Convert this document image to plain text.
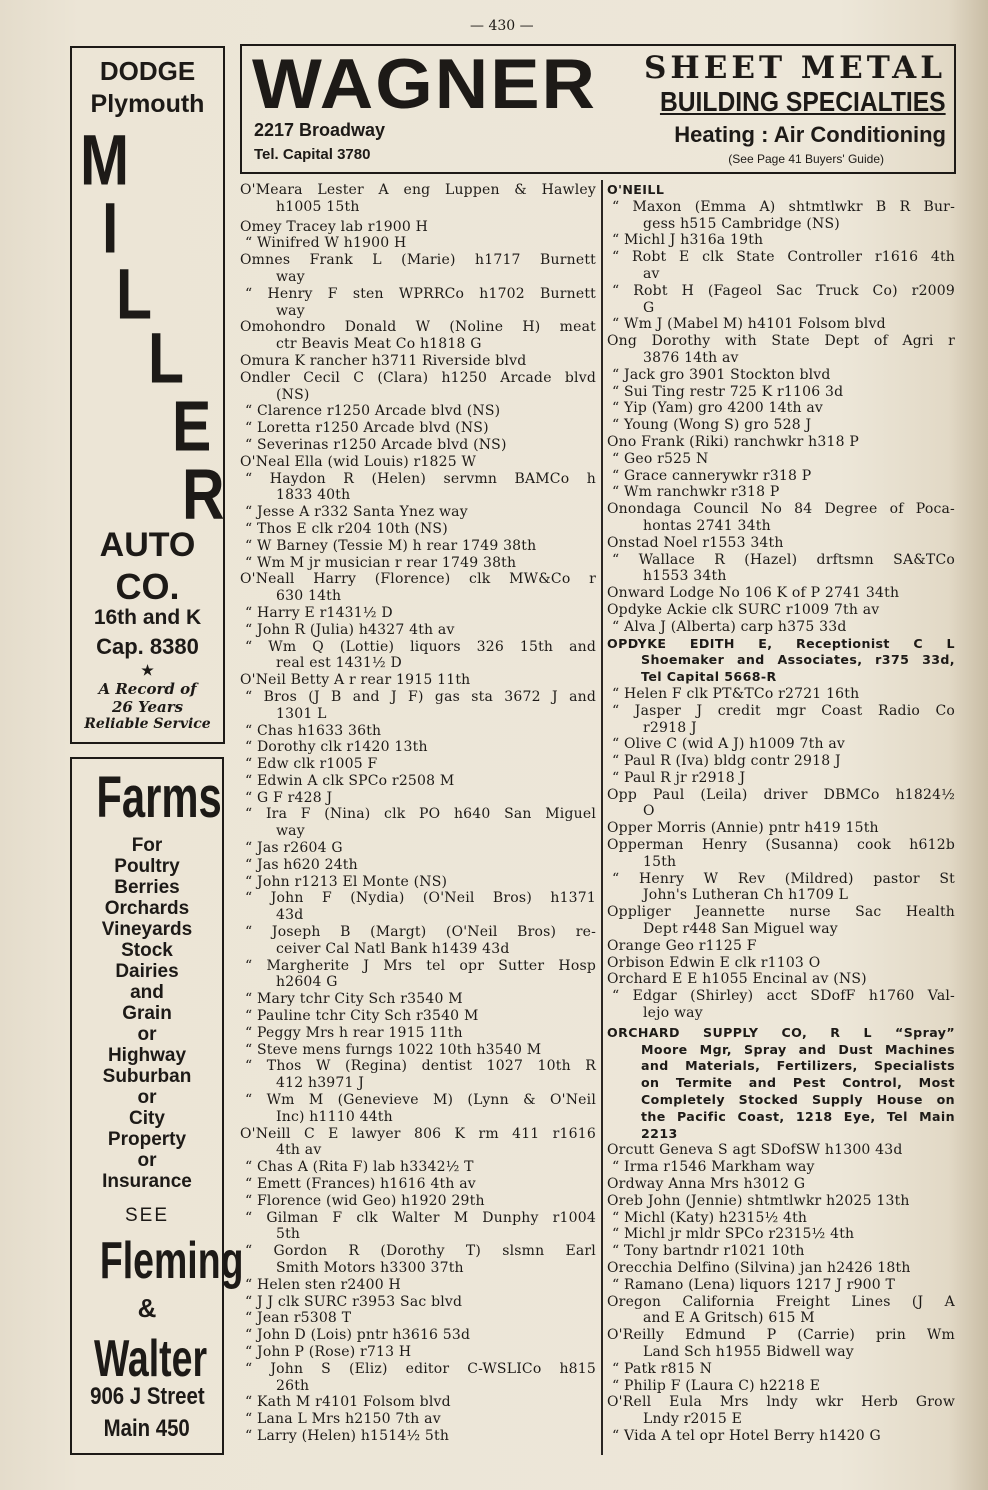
— 430 —
DODGE
Plymouth
M
I
L
L
E
R
AUTO
CO.
16th and K
Cap. 8380
★
A Record of
26 Years
Reliable Service
Farms
For
Poultry
Berries
Orchards
Vineyards
Stock
Dairies
and
Grain
or
Highway
Suburban
or
City
Property
or
Insurance
SEE
Fleming
&
Walter
906 J Street
Main 450
WAGNER
2217 Broadway
Tel. Capital 3780
SHEET METAL
BUILDING SPECIALTIES
Heating : Air Conditioning
(See Page 41 Buyers' Guide)
O'Meara Lester A eng Luppen & Hawley
h1005 15th
Omey Tracey lab r1900 H
“ Winifred W h1900 H
Omnes Frank L (Marie) h1717 Burnett
way
“ Henry F sten WPRRCo h1702 Burnett
way
Omohondro Donald W (Noline H) meat
ctr Beavis Meat Co h1818 G
Omura K rancher h3711 Riverside blvd
Ondler Cecil C (Clara) h1250 Arcade blvd
(NS)
“ Clarence r1250 Arcade blvd (NS)
“ Loretta r1250 Arcade blvd (NS)
“ Severinas r1250 Arcade blvd (NS)
O'Neal Ella (wid Louis) r1825 W
“ Haydon R (Helen) servmn BAMCo h
1833 40th
“ Jesse A r332 Santa Ynez way
“ Thos E clk r204 10th (NS)
“ W Barney (Tessie M) h rear 1749 38th
“ Wm M jr musician r rear 1749 38th
O'Neall Harry (Florence) clk MW&Co r
630 14th
“ Harry E r1431½ D
“ John R (Julia) h4327 4th av
“ Wm Q (Lottie) liquors 326 15th and
real est 1431½ D
O'Neil Betty A r rear 1915 11th
“ Bros (J B and J F) gas sta 3672 J and
1301 L
“ Chas h1633 36th
“ Dorothy clk r1420 13th
“ Edw clk r1005 F
“ Edwin A clk SPCo r2508 M
“ G F r428 J
“ Ira F (Nina) clk PO h640 San Miguel
way
“ Jas r2604 G
“ Jas h620 24th
“ John r1213 El Monte (NS)
“ John F (Nydia) (O'Neil Bros) h1371
43d
“ Joseph B (Margt) (O'Neil Bros) re-
ceiver Cal Natl Bank h1439 43d
“ Margherite J Mrs tel opr Sutter Hosp
h2604 G
“ Mary tchr City Sch r3540 M
“ Pauline tchr City Sch r3540 M
“ Peggy Mrs h rear 1915 11th
“ Steve mens furngs 1022 10th h3540 M
“ Thos W (Regina) dentist 1027 10th R
412 h3971 J
“ Wm M (Genevieve M) (Lynn & O'Neil
Inc) h1110 44th
O'Neill C E lawyer 806 K rm 411 r1616
4th av
“ Chas A (Rita F) lab h3342½ T
“ Emett (Frances) h1616 4th av
“ Florence (wid Geo) h1920 29th
“ Gilman F clk Walter M Dunphy r1004
5th
“ Gordon R (Dorothy T) slsmn Earl
Smith Motors h3300 37th
“ Helen sten r2400 H
“ J J clk SURC r3953 Sac blvd
“ Jean r5308 T
“ John D (Lois) pntr h3616 53d
“ John P (Rose) r713 H
“ John S (Eliz) editor C-WSLICo h815
26th
“ Kath M r4101 Folsom blvd
“ Lana L Mrs h2150 7th av
“ Larry (Helen) h1514½ 5th
O'NEILL
“ Maxon (Emma A) shtmtlwkr B R Bur-
gess h515 Cambridge (NS)
“ Michl J h316a 19th
“ Robt E clk State Controller r1616 4th
av
“ Robt H (Fageol Sac Truck Co) r2009
G
“ Wm J (Mabel M) h4101 Folsom blvd
Ong Dorothy with State Dept of Agri r
3876 14th av
“ Jack gro 3901 Stockton blvd
“ Sui Ting restr 725 K r1106 3d
“ Yip (Yam) gro 4200 14th av
“ Young (Wong S) gro 528 J
Ono Frank (Riki) ranchwkr h318 P
“ Geo r525 N
“ Grace cannerywkr r318 P
“ Wm ranchwkr r318 P
Onondaga Council No 84 Degree of Poca-
hontas 2741 34th
Onstad Noel r1553 34th
“ Wallace R (Hazel) drftsmn SA&TCo
h1553 34th
Onward Lodge No 106 K of P 2741 34th
Opdyke Ackie clk SURC r1009 7th av
“ Alva J (Alberta) carp h375 33d
OPDYKE EDITH E, Receptionist C L
Shoemaker and Associates, r375 33d,
Tel Capital 5668-R
“ Helen F clk PT&TCo r2721 16th
“ Jasper J credit mgr Coast Radio Co
r2918 J
“ Olive C (wid A J) h1009 7th av
“ Paul R (Iva) bldg contr 2918 J
“ Paul R jr r2918 J
Opp Paul (Leila) driver DBMCo h1824½
O
Opper Morris (Annie) pntr h419 15th
Opperman Henry (Susanna) cook h612b
15th
“ Henry W Rev (Mildred) pastor St
John's Lutheran Ch h1709 L
Oppliger Jeannette nurse Sac Health
Dept r448 San Miguel way
Orange Geo r1125 F
Orbison Edwin E clk r1103 O
Orchard E E h1055 Encinal av (NS)
“ Edgar (Shirley) acct SDofF h1760 Val-
lejo way
ORCHARD SUPPLY CO, R L “Spray”
Moore Mgr, Spray and Dust Machines
and Materials, Fertilizers, Specialists
on Termite and Pest Control, Most
Completely Stocked Supply House on
the Pacific Coast, 1218 Eye, Tel Main
2213
Orcutt Geneva S agt SDofSW h1300 43d
“ Irma r1546 Markham way
Ordway Anna Mrs h3012 G
Oreb John (Jennie) shtmtlwkr h2025 13th
“ Michl (Katy) h2315½ 4th
“ Michl jr mldr SPCo r2315½ 4th
“ Tony bartndr r1021 10th
Orecchia Delfino (Silvina) jan h2426 18th
“ Ramano (Lena) liquors 1217 J r900 T
Oregon California Freight Lines (J A
and E A Gritsch) 615 M
O'Reilly Edmund P (Carrie) prin Wm
Land Sch h1955 Bidwell way
“ Patk r815 N
“ Philip F (Laura C) h2218 E
O'Rell Eula Mrs lndy wkr Herb Grow
Lndy r2015 E
“ Vida A tel opr Hotel Berry h1420 G
